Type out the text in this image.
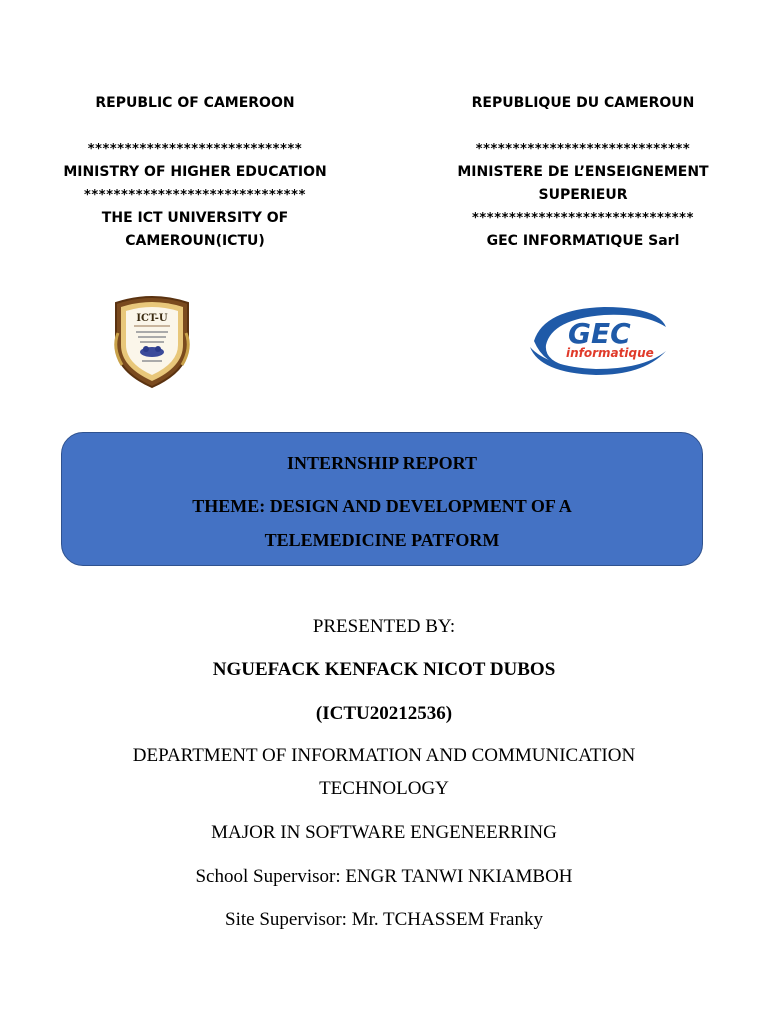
REPUBLIC OF CAMEROON
*****************************
MINISTRY OF HIGHER EDUCATION
******************************
THE ICT UNIVERSITY OF
CAMEROUN(ICTU)
REPUBLIQUE DU CAMEROUN
*****************************
MINISTERE DE L’ENSEIGNEMENT
SUPERIEUR
******************************
GEC INFORMATIQUE Sarl
ICT-U	GEC
informatique
INTERNSHIP REPORT
THEME: DESIGN AND DEVELOPMENT OF A
TELEMEDICINE PATFORM
PRESENTED BY:
NGUEFACK KENFACK NICOT DUBOS
(ICTU20212536)
DEPARTMENT OF INFORMATION AND COMMUNICATION
TECHNOLOGY
MAJOR IN SOFTWARE ENGENEERRING
School Supervisor: ENGR TANWI NKIAMBOH
Site Supervisor: Mr. TCHASSEM Franky
